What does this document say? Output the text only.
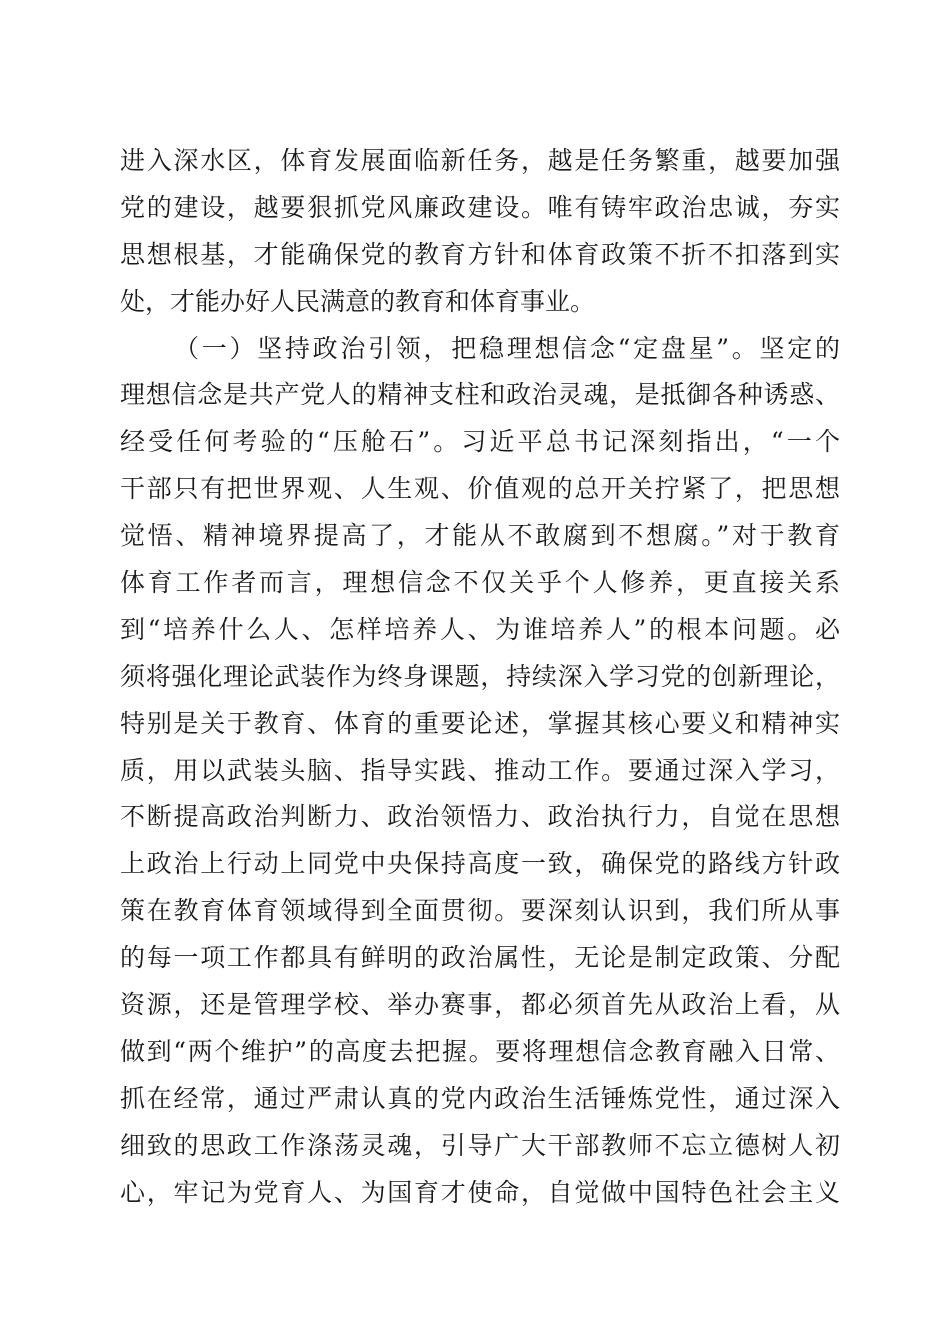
进入深水区，体育发展面临新任务，越是任务繁重，越要加强
党的建设，越要狠抓党风廉政建设。唯有铸牢政治忠诚，夯实
思想根基，才能确保党的教育方针和体育政策不折不扣落到实
处，才能办好人民满意的教育和体育事业。
（一）坚持政治引领，把稳理想信念“定盘星”。坚定的
理想信念是共产党人的精神支柱和政治灵魂，是抵御各种诱惑、
经受任何考验的“压舱石”。习近平总书记深刻指出，“一个
干部只有把世界观、人生观、价值观的总开关拧紧了，把思想
觉悟、精神境界提高了，才能从不敢腐到不想腐。”对于教育
体育工作者而言，理想信念不仅关乎个人修养，更直接关系
到“培养什么人、怎样培养人、为谁培养人”的根本问题。必
须将强化理论武装作为终身课题，持续深入学习党的创新理论，
特别是关于教育、体育的重要论述，掌握其核心要义和精神实
质，用以武装头脑、指导实践、推动工作。要通过深入学习，
不断提高政治判断力、政治领悟力、政治执行力，自觉在思想
上政治上行动上同党中央保持高度一致，确保党的路线方针政
策在教育体育领域得到全面贯彻。要深刻认识到，我们所从事
的每一项工作都具有鲜明的政治属性，无论是制定政策、分配
资源，还是管理学校、举办赛事，都必须首先从政治上看，从
做到“两个维护”的高度去把握。要将理想信念教育融入日常、
抓在经常，通过严肃认真的党内政治生活锤炼党性，通过深入
细致的思政工作涤荡灵魂，引导广大干部教师不忘立德树人初
心，牢记为党育人、为国育才使命，自觉做中国特色社会主义
